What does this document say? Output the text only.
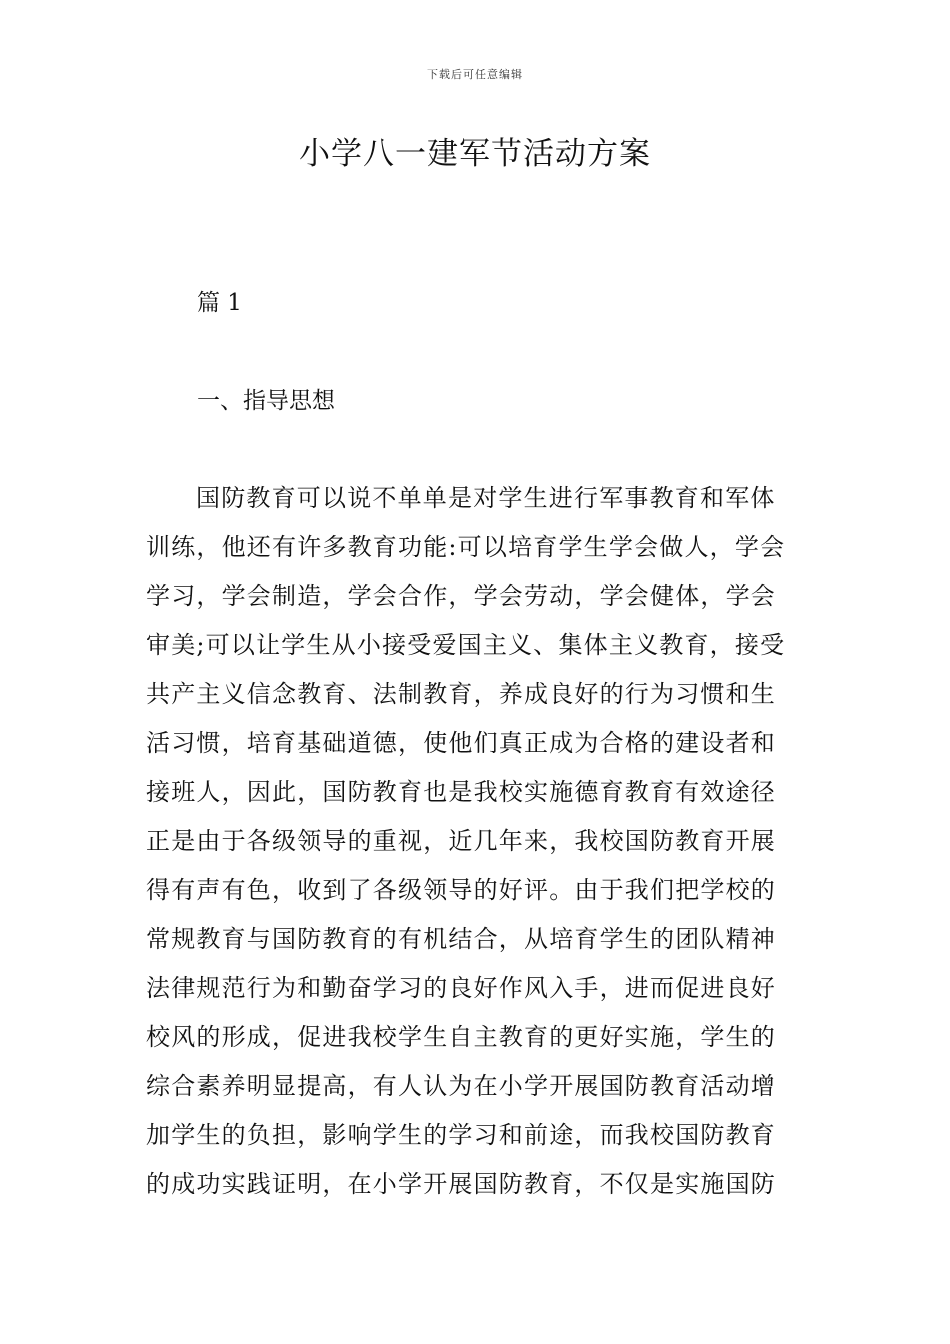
下载后可任意编辑
小学八一建军节活动方案
篇 1
一、指导思想
国防教育可以说不单单是对学生进行军事教育和军体
训练，他还有许多教育功能:可以培育学生学会做人，学会
学习，学会制造，学会合作，学会劳动，学会健体，学会
审美;可以让学生从小接受爱国主义、集体主义教育，接受
共产主义信念教育、法制教育，养成良好的行为习惯和生
活习惯，培育基础道德，使他们真正成为合格的建设者和
接班人，因此，国防教育也是我校实施德育教育有效途径
正是由于各级领导的重视，近几年来，我校国防教育开展
得有声有色，收到了各级领导的好评。由于我们把学校的
常规教育与国防教育的有机结合，从培育学生的团队精神
法律规范行为和勤奋学习的良好作风入手，进而促进良好
校风的形成，促进我校学生自主教育的更好实施，学生的
综合素养明显提高，有人认为在小学开展国防教育活动增
加学生的负担，影响学生的学习和前途，而我校国防教育
的成功实践证明，在小学开展国防教育，不仅是实施国防
